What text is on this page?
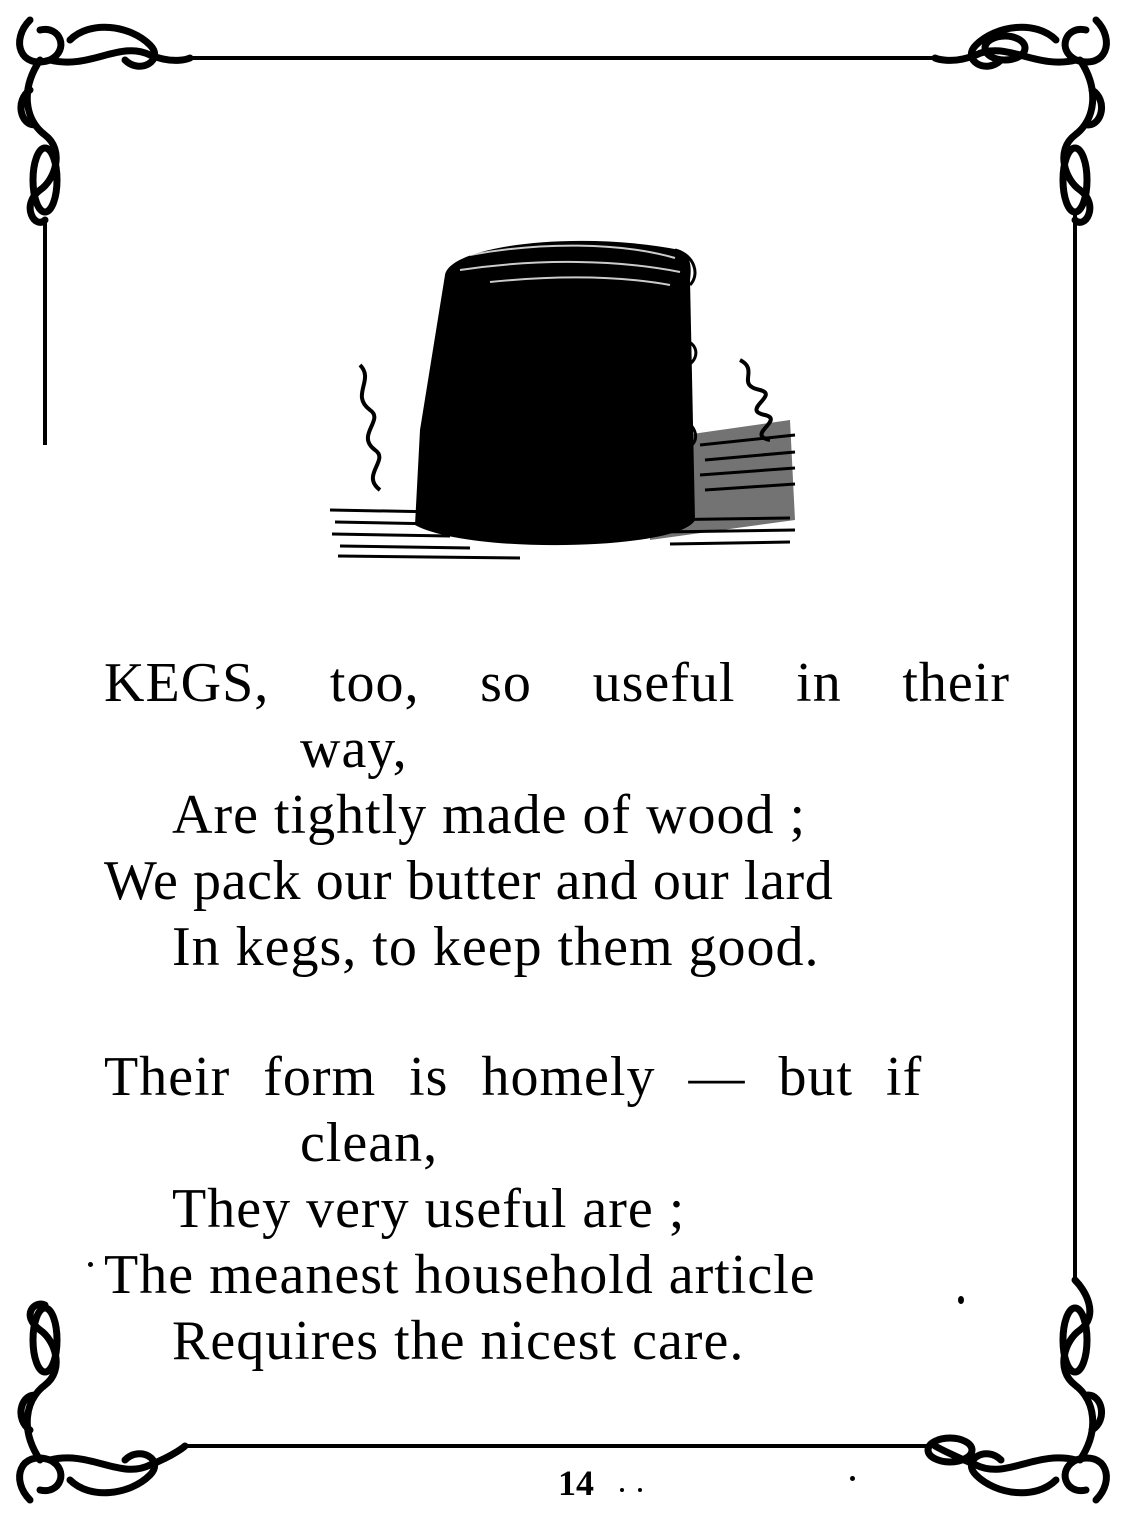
KEGS, too, so useful in their
way,
Are tightly made of wood ;
We pack our butter and our lard
In kegs, to keep them good.
Their form is homely — but if
clean,
They very useful are ;
The meanest household article
Requires the nicest care.
14
